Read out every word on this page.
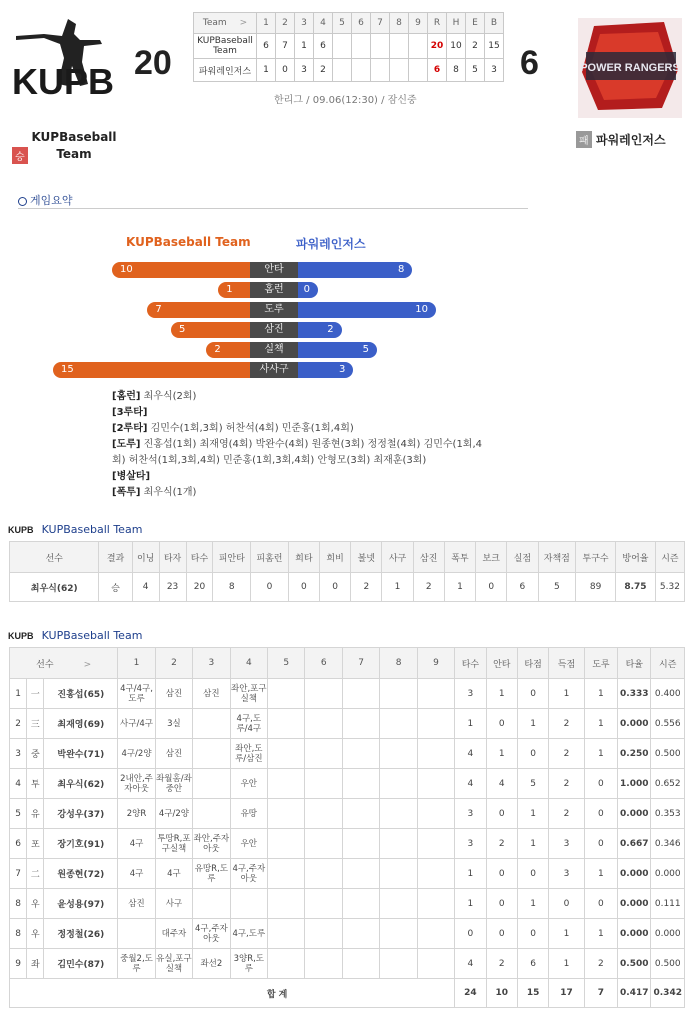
KUPB 20
KUPBaseball
Team
승
Team >	1	2	3	4	5	6	7	8	9	R	H	E	B
KUPBaseball Team	6	7	1	6						20	10	2	15
파워레인저스	1	0	3	2						6	8	5	3
한리그 / 09.06(12:30) / 잠신중
6	POWER RANGERS
패 파워레인저스
게임요약
KUPBaseball Team	파워레인저스
10	안타	8
1	홈런	0
7	도루	10
5	삼진	2
2	실책	5
15	사사구	3
[홈런] 최우식(2회)
[3루타]
[2루타] 김민수(1회,3회) 허찬석(4회) 민준홍(1회,4회)
[도루] 진홍섭(1회) 최재영(4회) 박완수(4회) 원종현(3회) 정정철(4회) 김민수(1회,4회) 허찬석(1회,3회,4회) 민준홍(1회,3회,4회) 안형모(3회) 최재훈(3회)
[병살타]
[폭투] 최우식(1개)
KUPB KUPBaseball Team
선수	결과	이닝	타자	타수	피안타	피홈런	희타	희비	볼넷	사구	삼진	폭투	보크	실점	자책점	투구수	방어율	시즌
최우식(62)	승	4	23	20	8	0	0	0	2	1	2	1	0	6	5	89	8.75	5.32
KUPB KUPBaseball Team
선수 >			1	2	3	4	5	6	7	8	9	타수	안타	타점	득점	도루	타율	시즌
1	一	진홍섭(65)	4구/4구,도루	삼진	삼진	좌안,포구실책						3	1	0	1	1	0.333	0.400
2	三	최재영(69)	사구/4구	3실		4구,도루/4구						1	0	1	2	1	0.000	0.556
3	중	박완수(71)	4구/2양	삼진		좌안,도루/삼진						4	1	0	2	1	0.250	0.500
4	투	최우식(62)	2내안,주자아웃	좌월홈/좌중안		우안						4	4	5	2	0	1.000	0.652
5	유	강성우(37)	2양R	4구/2양		유땅						3	0	1	2	0	0.000	0.353
6	포	장기호(91)	4구	투땅R,포구실책	좌안,주자아웃	우안						3	2	1	3	0	0.667	0.346
7	二	원종현(72)	4구	4구	유땅R,도루	4구,주자아웃						1	0	0	3	1	0.000	0.000
8	우	윤성용(97)	삼진	사구								1	0	1	0	0	0.000	0.111
8	우	정정철(26)		대주자	4구,주자아웃	4구,도루						0	0	0	1	1	0.000	0.000
9	좌	김민수(87)	중월2,도루	유실,포구실책	좌선2	3양R,도루						4	2	6	1	2	0.500	0.500
합 계												24	10	15	17	7	0.417	0.342
